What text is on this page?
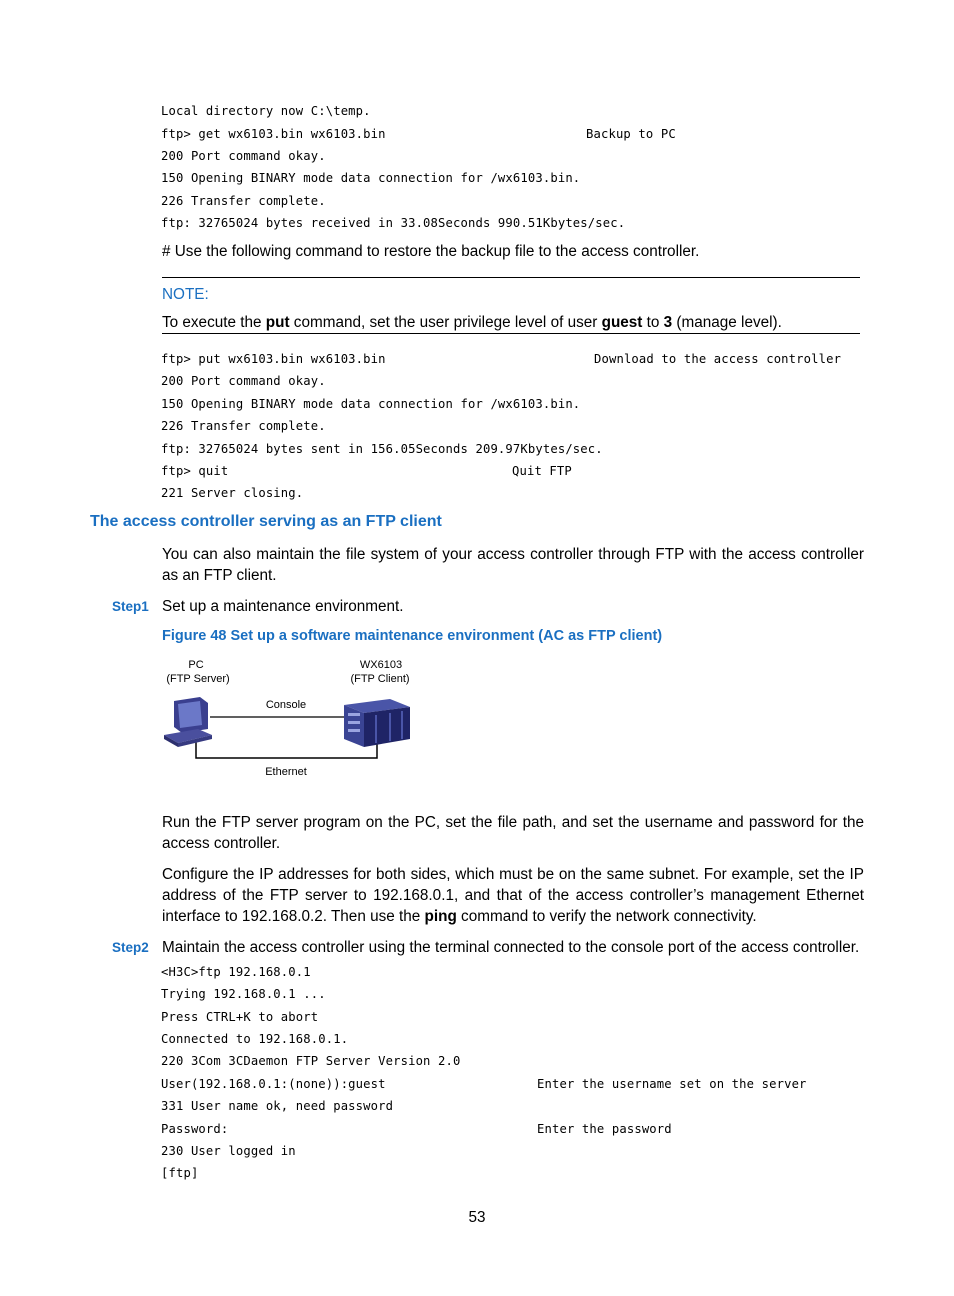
Local directory now C:\temp.
ftp> get wx6103.bin wx6103.bin	Backup to PC
200 Port command okay.
150 Opening BINARY mode data connection for /wx6103.bin.
226 Transfer complete.
ftp: 32765024 bytes received in 33.08Seconds 990.51Kbytes/sec.
# Use the following command to restore the backup file to the access controller.
NOTE:
To execute the put command, set the user privilege level of user guest to 3 (manage level).
ftp> put wx6103.bin wx6103.bin	Download to the access controller
200 Port command okay.
150 Opening BINARY mode data connection for /wx6103.bin.
226 Transfer complete.
ftp: 32765024 bytes sent in 156.05Seconds 209.97Kbytes/sec.
ftp> quit	Quit FTP
221 Server closing.
The access controller serving as an FTP client
You can also maintain the file system of your access controller through FTP with the access controller as an FTP client.
Step1 Set up a maintenance environment.
Figure 48 Set up a software maintenance environment (AC as FTP client)
PC
(FTP Server)
WX6103
(FTP Client)
Console
Ethernet
Run the FTP server program on the PC, set the file path, and set the username and password for the access controller.
Configure the IP addresses for both sides, which must be on the same subnet. For example, set the IP address of the FTP server to 192.168.0.1, and that of the access controller’s management Ethernet interface to 192.168.0.2. Then use the ping command to verify the network connectivity.
Step2 Maintain the access controller using the terminal connected to the console port of the access controller.
<H3C>ftp 192.168.0.1
Trying 192.168.0.1 ...
Press CTRL+K to abort
Connected to 192.168.0.1.
220 3Com 3CDaemon FTP Server Version 2.0
User(192.168.0.1:(none)):guest	Enter the username set on the server
331 User name ok, need password
Password:	Enter the password
230 User logged in
[ftp]
53
